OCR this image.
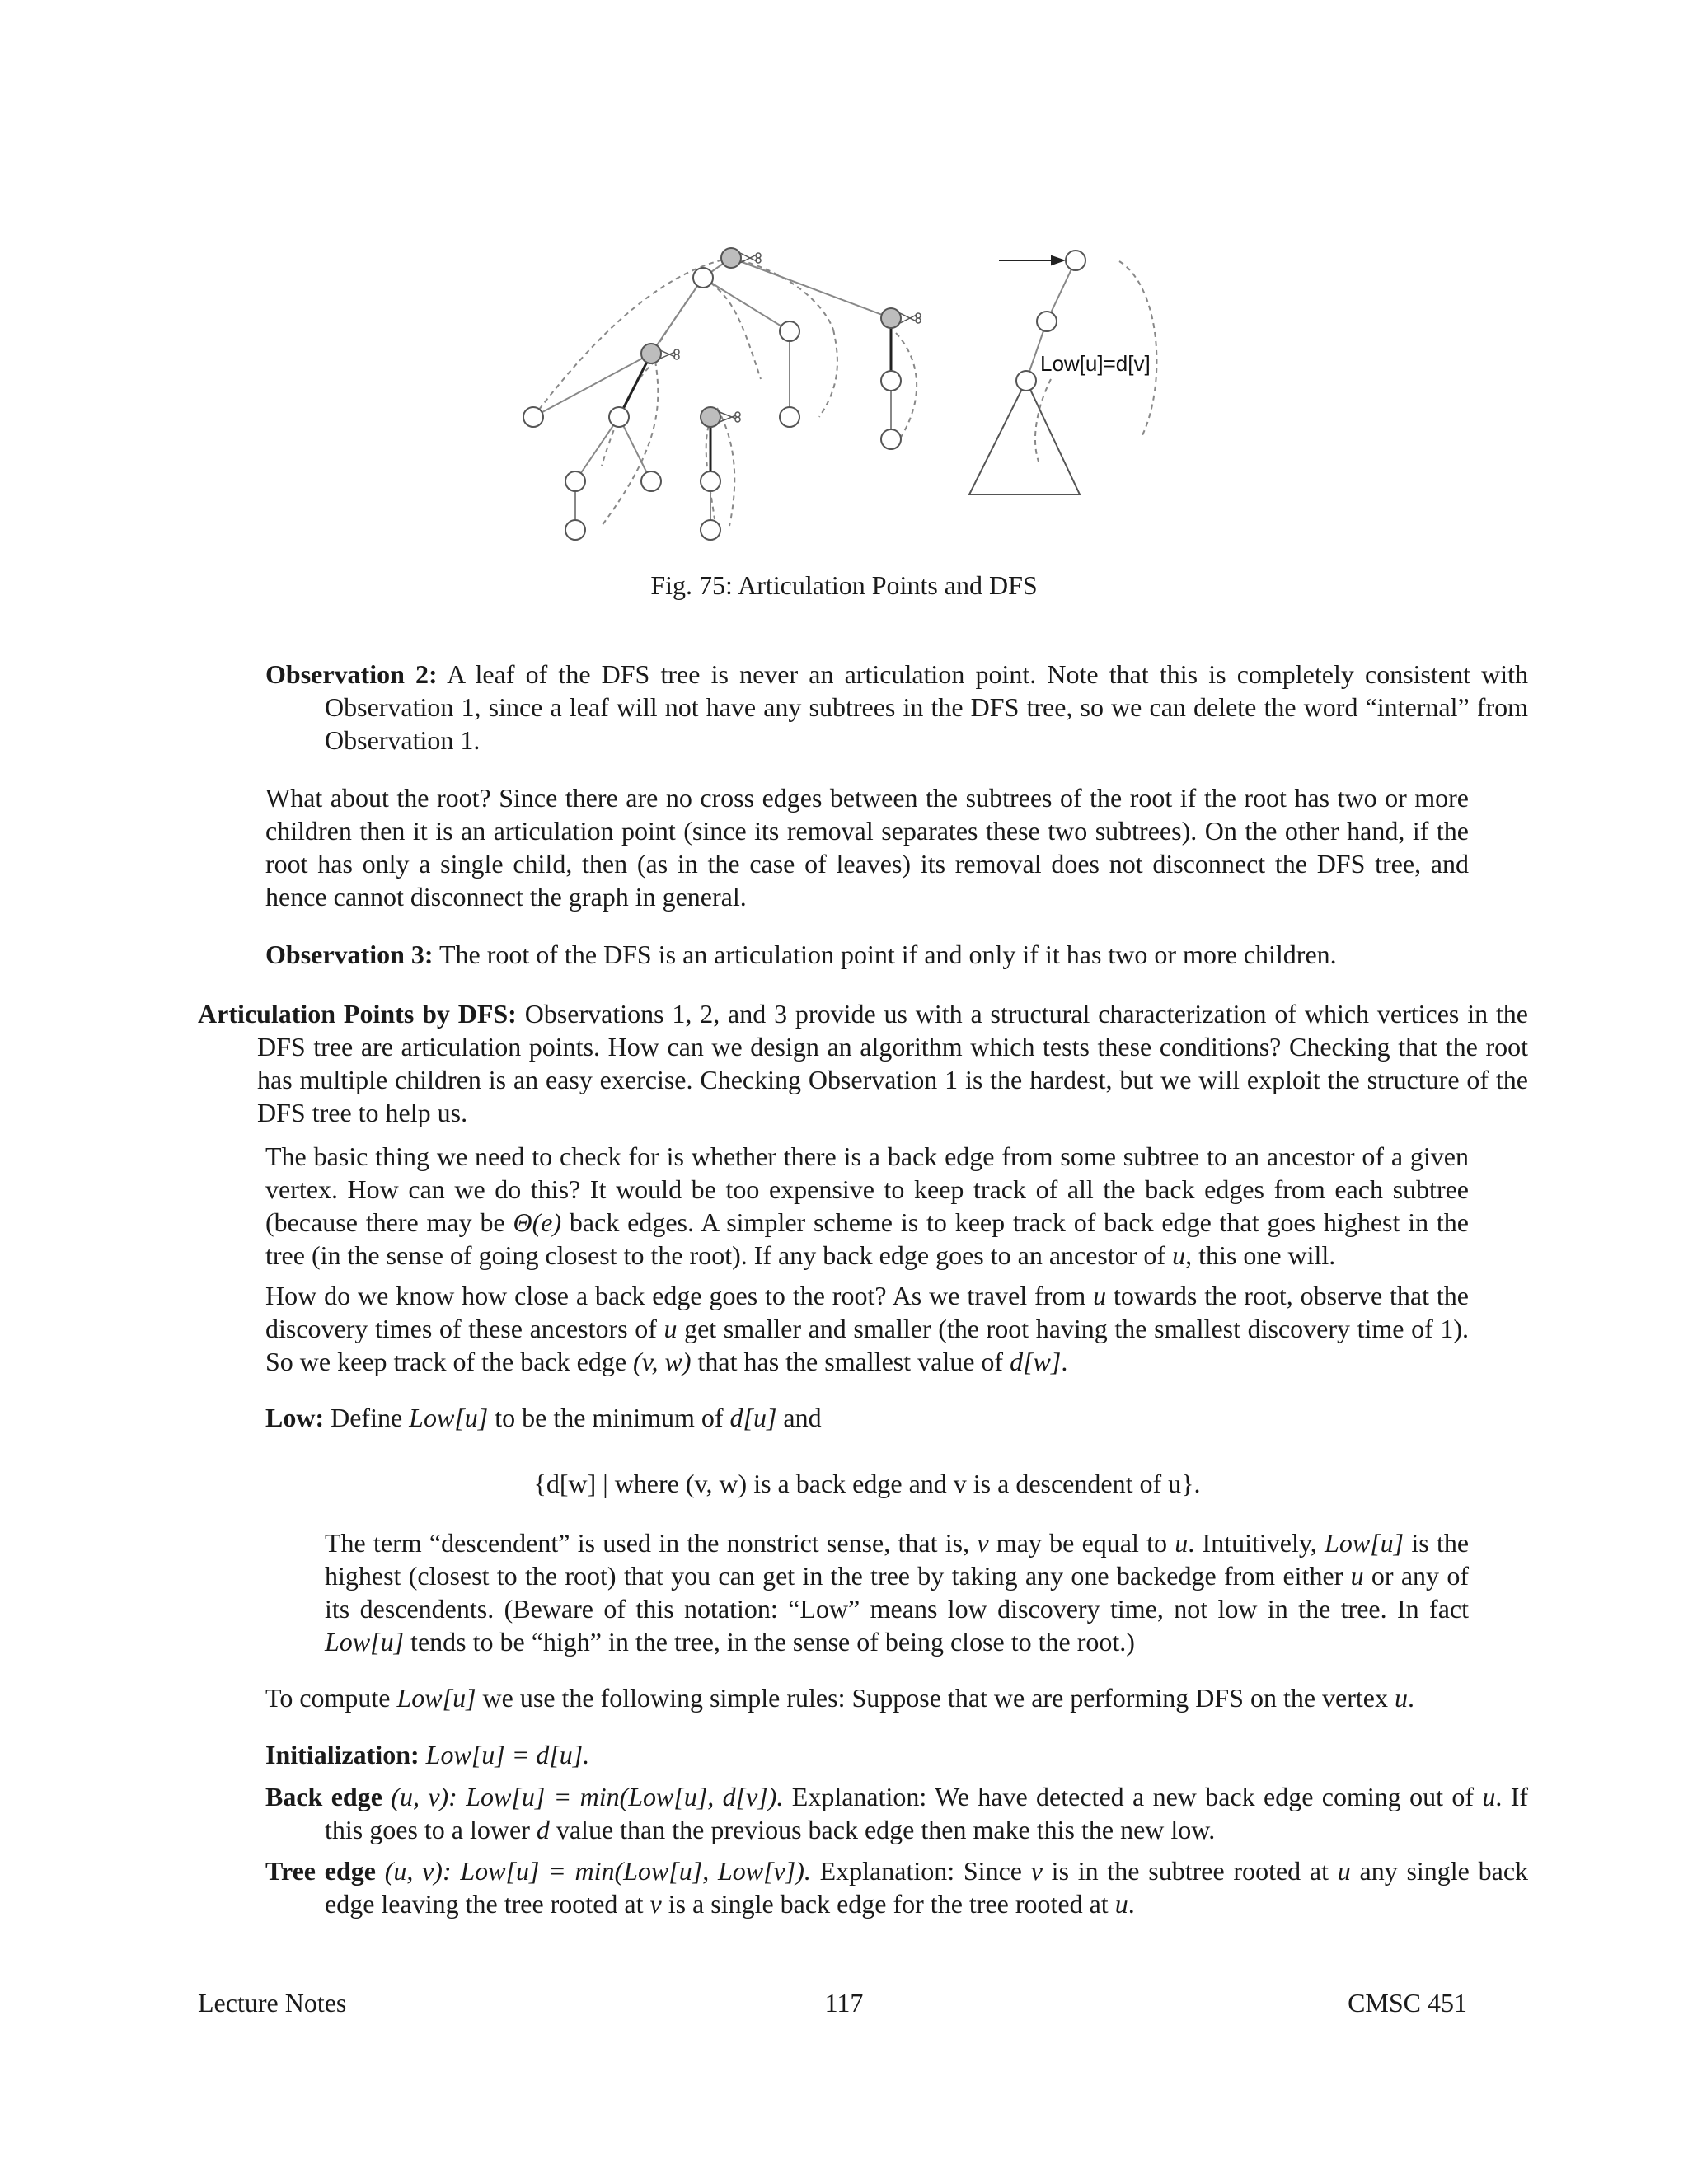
Low[u]=d[v]
Fig. 75: Articulation Points and DFS
Observation 2: A leaf of the DFS tree is never an articulation point. Note that this is completely consistent with Observation 1, since a leaf will not have any subtrees in the DFS tree, so we can delete the word “internal” from Observation 1.
What about the root? Since there are no cross edges between the subtrees of the root if the root has two or more children then it is an articulation point (since its removal separates these two subtrees). On the other hand, if the root has only a single child, then (as in the case of leaves) its removal does not disconnect the DFS tree, and hence cannot disconnect the graph in general.
Observation 3: The root of the DFS is an articulation point if and only if it has two or more children.
Articulation Points by DFS: Observations 1, 2, and 3 provide us with a structural characterization of which vertices in the DFS tree are articulation points. How can we design an algorithm which tests these conditions? Checking that the root has multiple children is an easy exercise. Checking Observation 1 is the hardest, but we will exploit the structure of the DFS tree to help us.
The basic thing we need to check for is whether there is a back edge from some subtree to an ancestor of a given vertex. How can we do this? It would be too expensive to keep track of all the back edges from each subtree (because there may be Θ(e) back edges. A simpler scheme is to keep track of back edge that goes highest in the tree (in the sense of going closest to the root). If any back edge goes to an ancestor of u, this one will.
How do we know how close a back edge goes to the root? As we travel from u towards the root, observe that the discovery times of these ancestors of u get smaller and smaller (the root having the smallest discovery time of 1). So we keep track of the back edge (v, w) that has the smallest value of d[w].
Low: Define Low[u] to be the minimum of d[u] and
{d[w] | where (v, w) is a back edge and v is a descendent of u}.
The term “descendent” is used in the nonstrict sense, that is, v may be equal to u. Intuitively, Low[u] is the highest (closest to the root) that you can get in the tree by taking any one backedge from either u or any of its descendents. (Beware of this notation: “Low” means low discovery time, not low in the tree. In fact Low[u] tends to be “high” in the tree, in the sense of being close to the root.)
To compute Low[u] we use the following simple rules: Suppose that we are performing DFS on the vertex u.
Initialization: Low[u] = d[u].
Back edge (u, v): Low[u] = min(Low[u], d[v]). Explanation: We have detected a new back edge coming out of u. If this goes to a lower d value than the previous back edge then make this the new low.
Tree edge (u, v): Low[u] = min(Low[u], Low[v]). Explanation: Since v is in the subtree rooted at u any single back edge leaving the tree rooted at v is a single back edge for the tree rooted at u.
Lecture Notes	117	CMSC 451
